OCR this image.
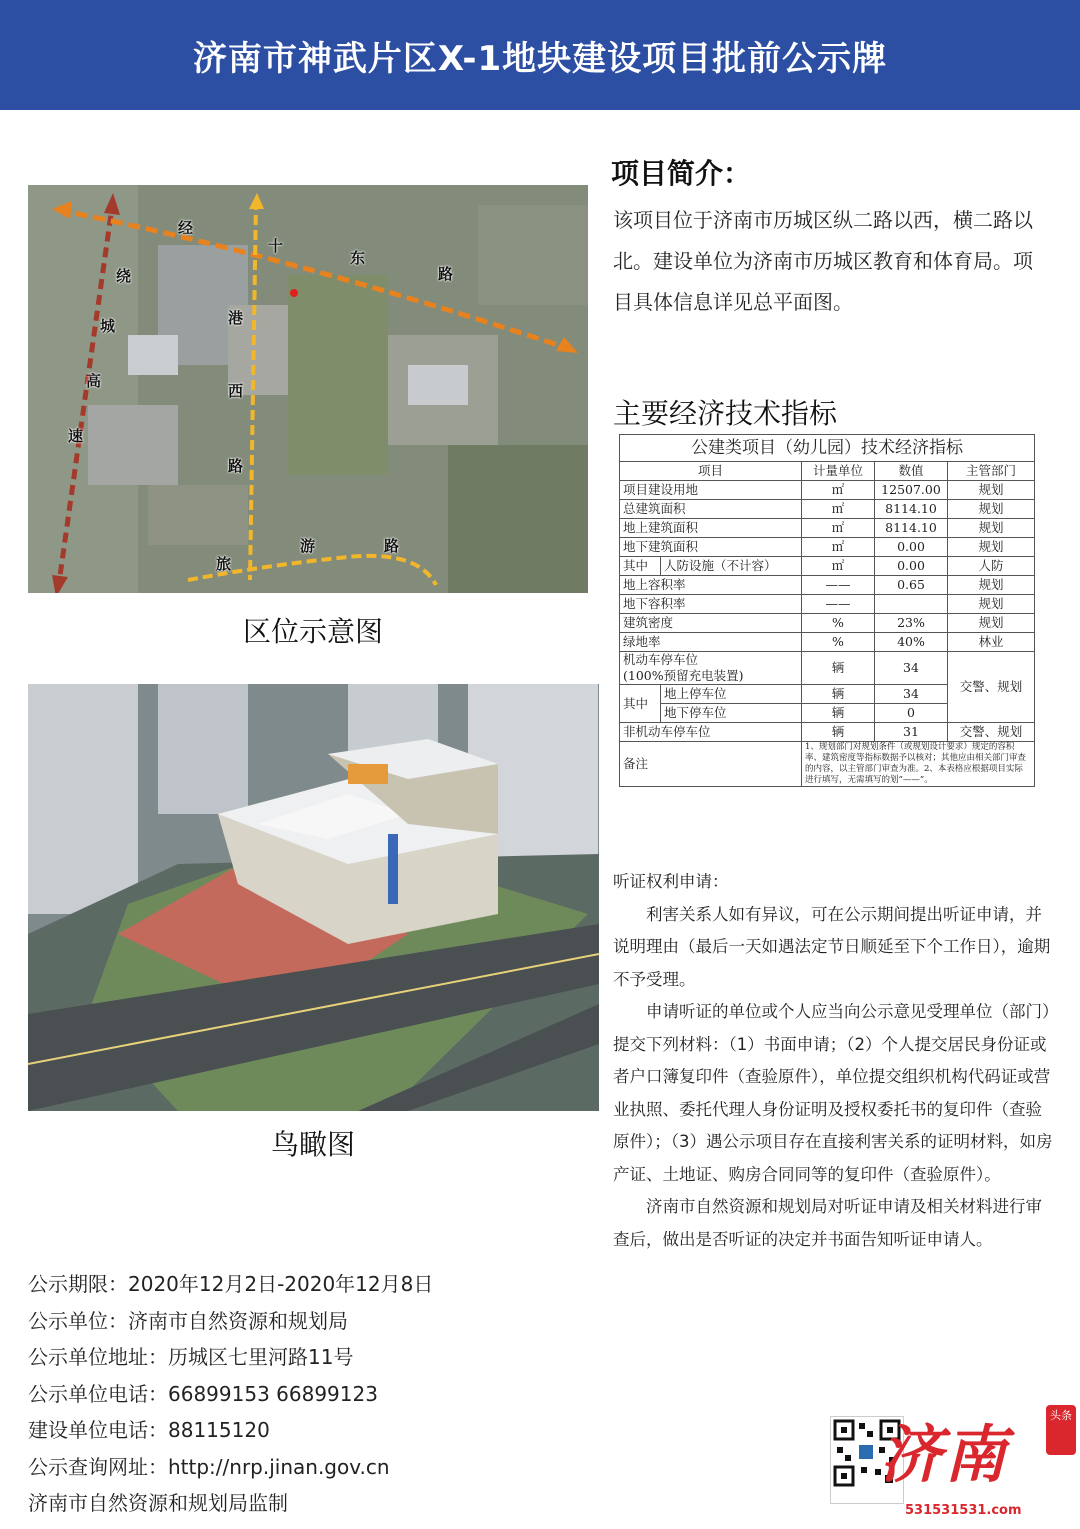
济南市神武片区X-1地块建设项目批前公示牌
经
十
东
路
绕
城
高
速
港
西
路
旅
游	路
区位示意图
鸟瞰图
项目简介：
该项目位于济南市历城区纵二路以西，横二路以北。建设单位为济南市历城区教育和体育局。项目具体信息详见总平面图。
主要经济技术指标
公建类项目（幼儿园）技术经济指标				
项目		计量单位	数值	主管部门
项目建设用地		㎡	12507.00	规划
总建筑面积		㎡	8114.10	规划
地上建筑面积		㎡	8114.10	规划
地下建筑面积		㎡	0.00	规划
其中	人防设施（不计容）	㎡	0.00	人防
地上容积率		——	0.65	规划
地下容积率		——		规划
建筑密度		%	23%	规划
绿地率		%	40%	林业
机动车停车位
(100%预留充电装置)		辆	34	交警、规划
其中	地上停车位	辆	34	
	地下停车位	辆	0	
非机动车停车位		辆	31	交警、规划
备注		1、规划部门对规划条件（或规划设计要求）规定的容积率、建筑密度等指标数据予以核对；其他应由相关部门审查的内容，以主管部门审查为准。2、本表格应根据项目实际进行填写，无需填写的划“——”。		

听证权利申请：

利害关系人如有异议，可在公示期间提出听证申请，并说明理由（最后一天如遇法定节日顺延至下个工作日），逾期不予受理。

申请听证的单位或个人应当向公示意见受理单位（部门）提交下列材料：（1）书面申请；（2）个人提交居民身份证或者户口簿复印件（查验原件），单位提交组织机构代码证或营业执照、委托代理人身份证明及授权委托书的复印件（查验原件）；（3）遇公示项目存在直接利害关系的证明材料，如房产证、土地证、购房合同同等的复印件（查验原件）。

济南市自然资源和规划局对听证申请及相关材料进行审查后，做出是否听证的决定并书面告知听证申请人。

公示期限：2020年12月2日-2020年12月8日
公示单位：济南市自然资源和规划局
公示单位地址：历城区七里河路11号
公示单位电话：66899153 66899123
建设单位电话：88115120
公示查询网址：http://nrp.jinan.gov.cn
济南市自然资源和规划局监制
济南
头条
531531531.com
